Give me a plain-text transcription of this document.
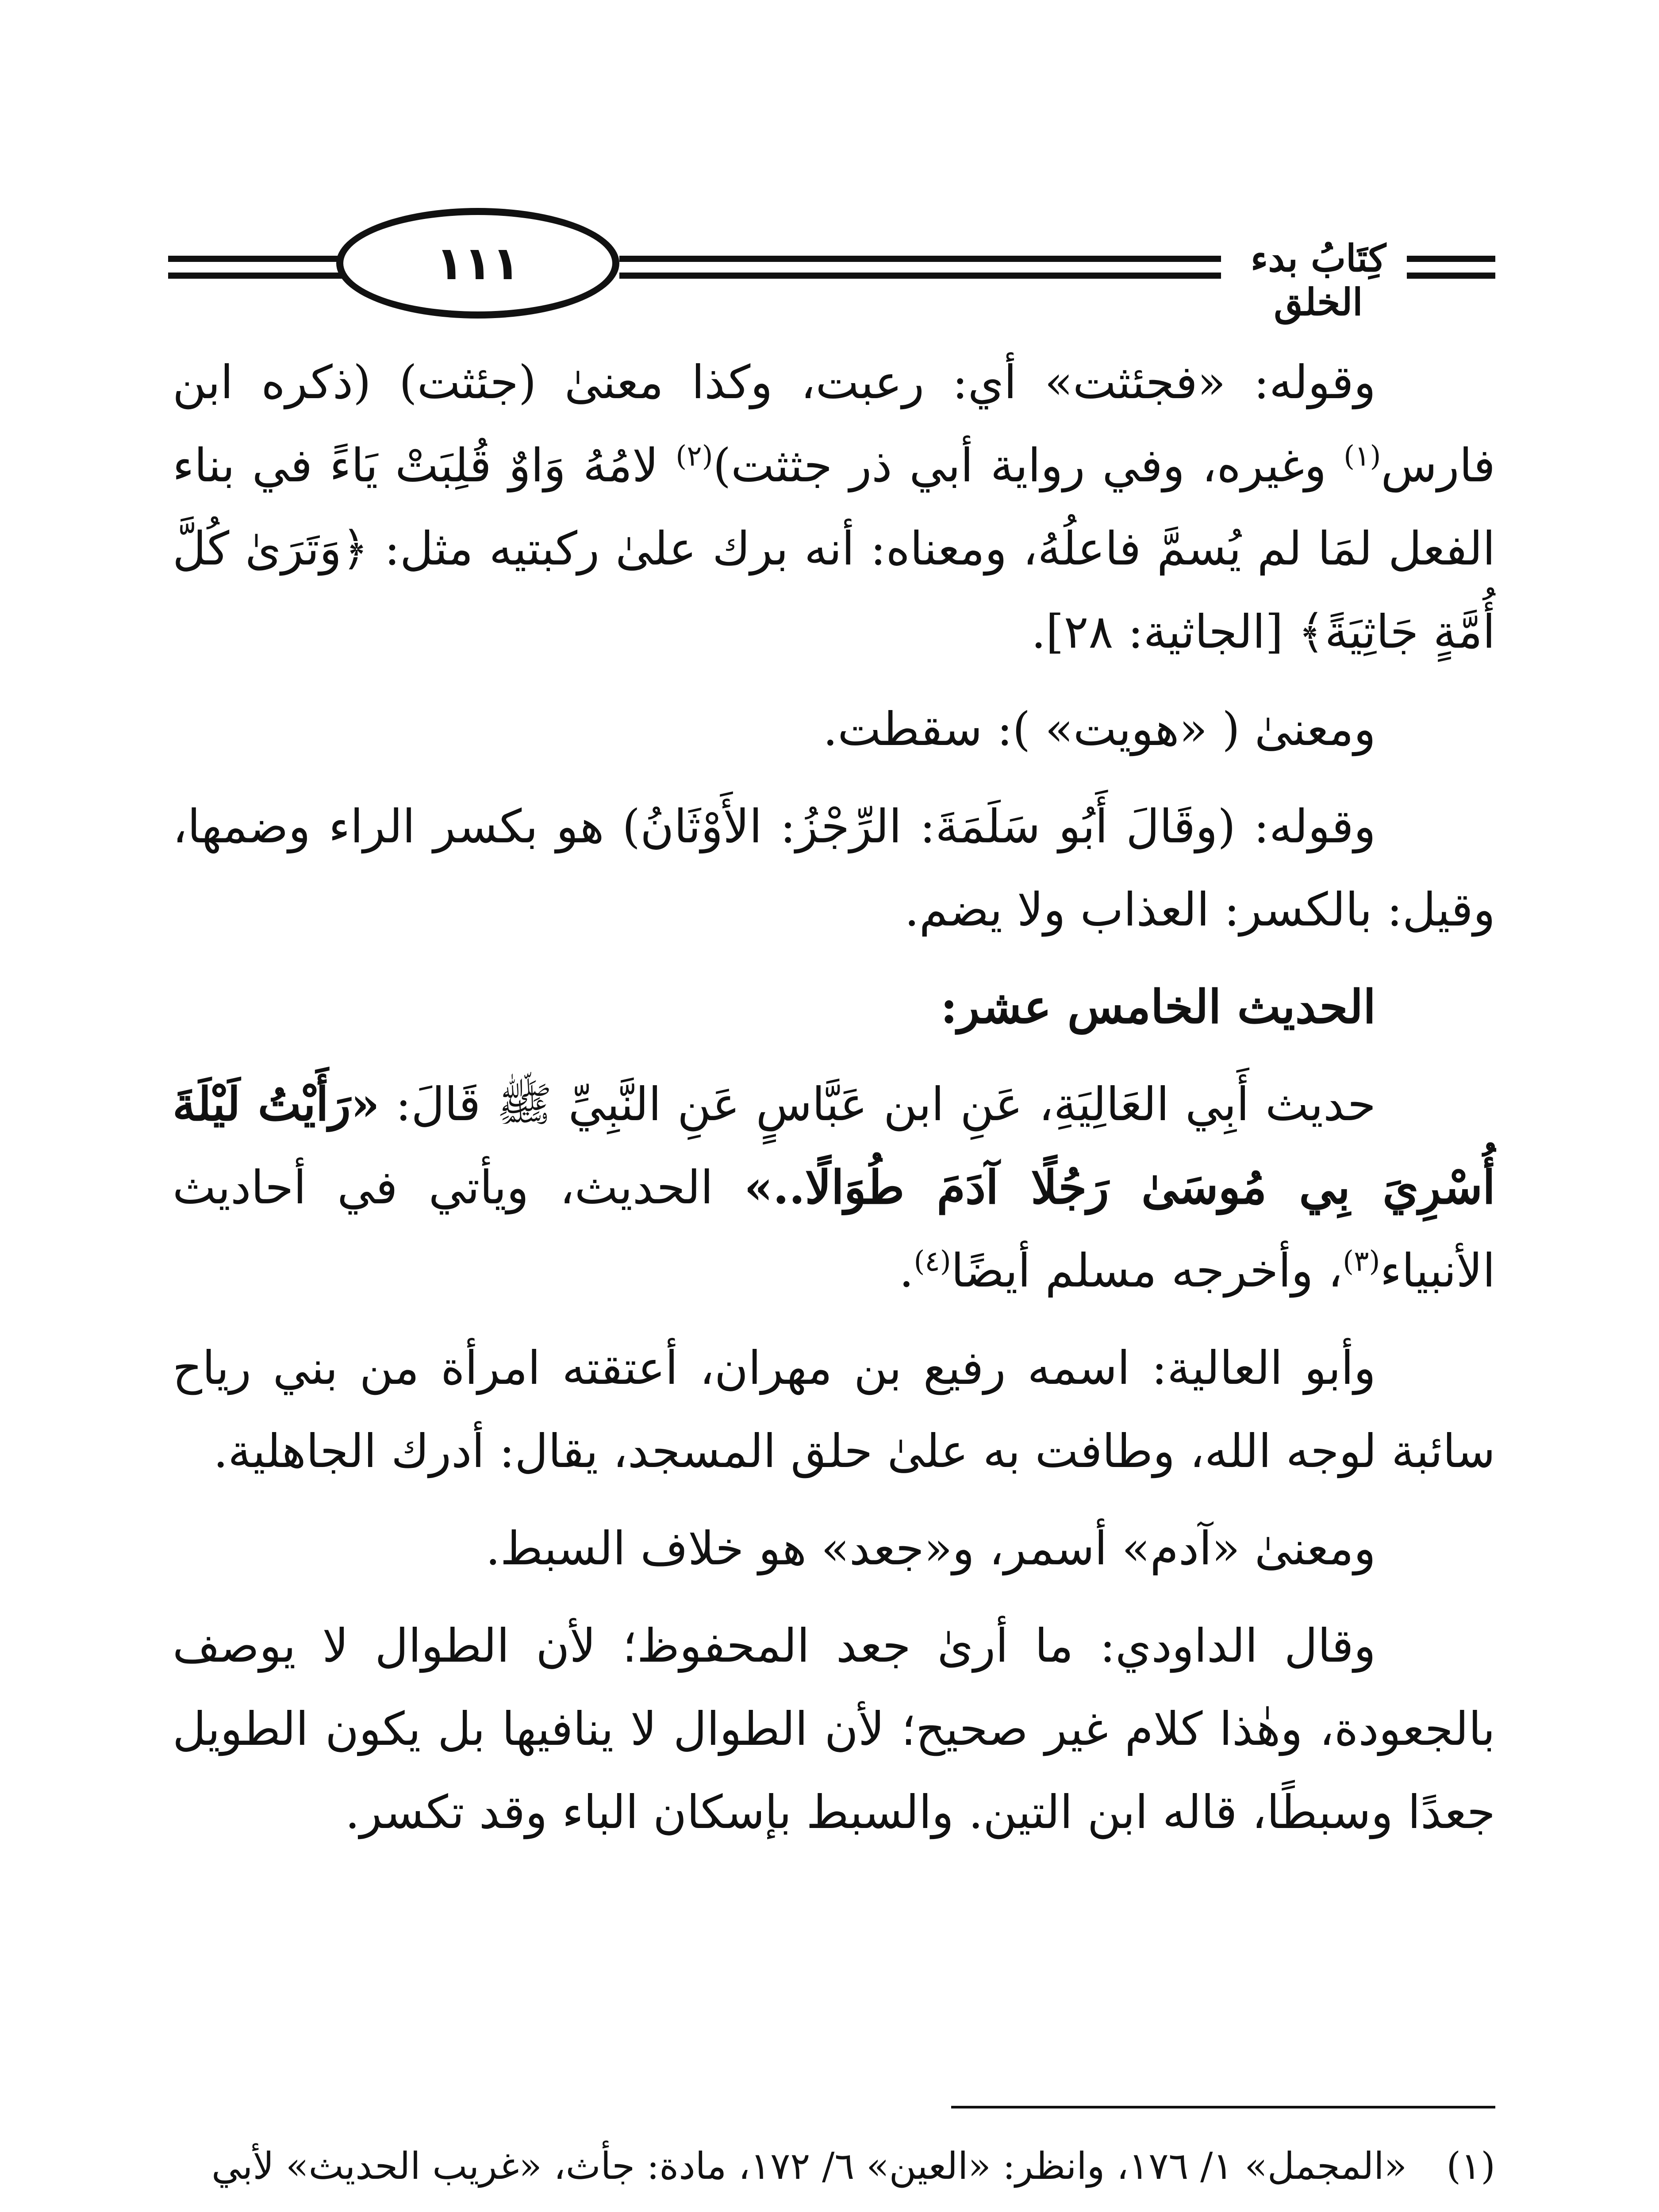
١١١	كِتَابُ بدء الخلق

وقوله: «فجئثت» أي: رعبت، وكذا معنىٰ (جئثت) (ذكره ابن فارس$^{(١)}$ وغيره، وفي رواية أبي ذر جثثت)$^{(٢)}$ لامُهُ وَاوٌ قُلِبَتْ يَاءً في بناء الفعل لمَا لم يُسمَّ فاعلُهُ، ومعناه: أنه برك علىٰ ركبتيه مثل: ﴿وَتَرَىٰ كُلَّ أُمَّةٍ جَاثِيَةً﴾ [الجاثية: ٢٨].

ومعنىٰ ( «هويت» ): سقطت.

وقوله: (وقَالَ أَبُو سَلَمَةَ: الرِّجْزُ: الأَوْثَانُ) هو بكسر الراء وضمها، وقيل: بالكسر: العذاب ولا يضم.

الحديث الخامس عشر:

حديث أَبِي العَالِيَةِ، عَنِ ابن عَبَّاسٍ عَنِ النَّبِيِّ ﷺ قَالَ: «رَأَيْتُ لَيْلَةَ أُسْرِيَ بِي مُوسَىٰ رَجُلًا آدَمَ طُوَالًا..» الحديث، ويأتي في أحاديث الأنبياء$^{(٣)}$، وأخرجه مسلم أيضًا$^{(٤)}$.

وأبو العالية: اسمه رفيع بن مهران، أعتقته امرأة من بني رياح سائبة لوجه الله، وطافت به علىٰ حلق المسجد، يقال: أدرك الجاهلية.

ومعنىٰ «آدم» أسمر، و«جعد» هو خلاف السبط.

وقال الداودي: ما أرىٰ جعد المحفوظ؛ لأن الطوال لا يوصف بالجعودة، وهٰذا كلام غير صحيح؛ لأن الطوال لا ينافيها بل يكون الطويل جعدًا وسبطًا، قاله ابن التين. والسبط بإسكان الباء وقد تكسر.

(١)
«المجمل» ١/ ١٧٦، وانظر: «العين» ٦/ ١٧٢، مادة: جأث، «غريب الحديث» لأبي
